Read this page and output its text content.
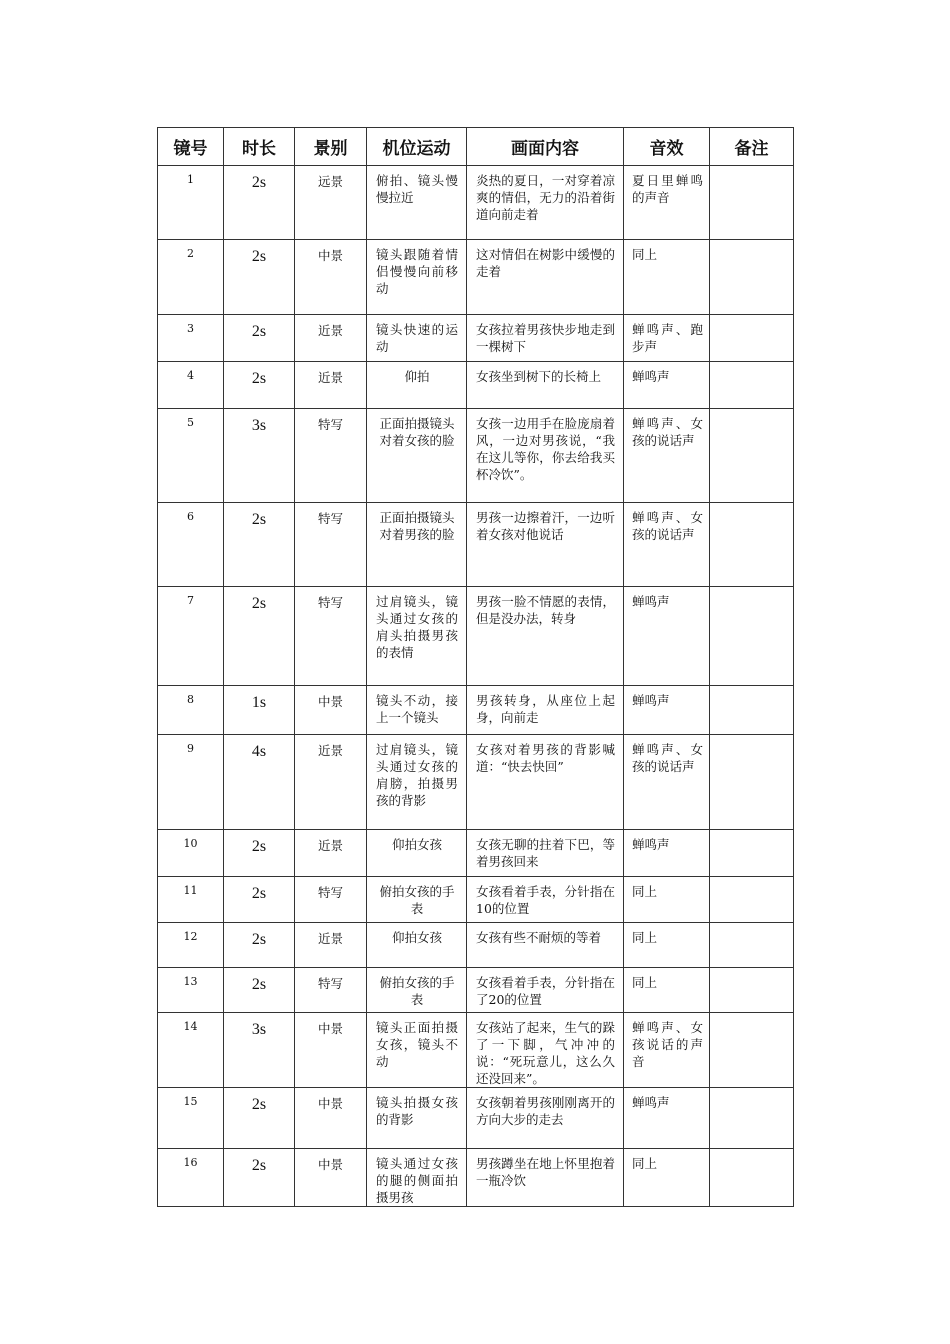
镜号	时长	景别	机位运动	画面内容	音效	备注
1	2s	远景	俯拍、镜头慢慢拉近	炎热的夏日，一对穿着凉爽的情侣，无力的沿着街道向前走着	夏日里蝉鸣的声音	
2	2s	中景	镜头跟随着情侣慢慢向前移动	这对情侣在树影中缓慢的走着	同上	
3	2s	近景	镜头快速的运动	女孩拉着男孩快步地走到一棵树下	蝉鸣声、跑步声	
4	2s	近景	仰拍	女孩坐到树下的长椅上	蝉鸣声	
5	3s	特写	正面拍摄镜头对着女孩的脸	女孩一边用手在脸庞扇着风，一边对男孩说，“我在这儿等你，你去给我买杯冷饮”。	蝉鸣声、女孩的说话声	
6	2s	特写	正面拍摄镜头对着男孩的脸	男孩一边擦着汗，一边听着女孩对他说话	蝉鸣声、女孩的说话声	
7	2s	特写	过肩镜头，镜头通过女孩的肩头拍摄男孩的表情	男孩一脸不情愿的表情，但是没办法，转身	蝉鸣声	
8	1s	中景	镜头不动，接上一个镜头	男孩转身，从座位上起身，向前走	蝉鸣声	
9	4s	近景	过肩镜头，镜头通过女孩的肩膀，拍摄男孩的背影	女孩对着男孩的背影喊道：“快去快回”	蝉鸣声、女孩的说话声	
10	2s	近景	仰拍女孩	女孩无聊的拄着下巴，等着男孩回来	蝉鸣声	
11	2s	特写	俯拍女孩的手表	女孩看着手表，分针指在10的位置	同上	
12	2s	近景	仰拍女孩	女孩有些不耐烦的等着	同上	
13	2s	特写	俯拍女孩的手表	女孩看着手表，分针指在了20的位置	同上	
14	3s	中景	镜头正面拍摄女孩，镜头不动	女孩站了起来，生气的跺了一下脚，气冲冲的说：“死玩意儿，这么久还没回来”。	蝉鸣声、女孩说话的声音	
15	2s	中景	镜头拍摄女孩的背影	女孩朝着男孩刚刚离开的方向大步的走去	蝉鸣声	
16	2s	中景	镜头通过女孩的腿的侧面拍摄男孩	男孩蹲坐在地上怀里抱着一瓶冷饮	同上	
